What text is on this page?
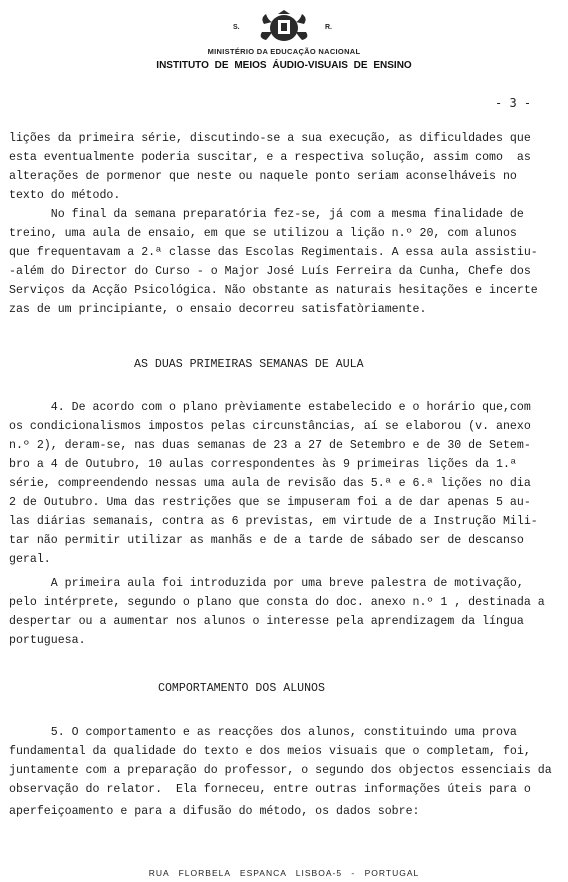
S.	R.
MINISTÉRIO DA EDUCAÇÃO NACIONAL
INSTITUTO DE MEIOS ÁUDIO-VISUAIS DE ENSINO
- 3 -
lições da primeira série, discutindo-se a sua execução, as dificuldades que
esta eventualmente poderia suscitar, e a respectiva solução, assim como  as
alterações de pormenor que neste ou naquele ponto seriam aconselháveis no
texto do método.
No final da semana preparatória fez-se, já com a mesma finalidade de
treino, uma aula de ensaio, em que se utilizou a lição n.º 20, com alunos
que frequentavam a 2.ª classe das Escolas Regimentais. A essa aula assistiu-
-além do Director do Curso - o Major José Luís Ferreira da Cunha, Chefe dos
Serviços da Acção Psicológica. Não obstante as naturais hesitações e incerte
zas de um principiante, o ensaio decorreu satisfatòriamente.
AS DUAS PRIMEIRAS SEMANAS DE AULA
4. De acordo com o plano prèviamente estabelecido e o horário que,com
os condicionalismos impostos pelas circunstâncias, aí se elaborou (v. anexo
n.º 2), deram-se, nas duas semanas de 23 a 27 de Setembro e de 30 de Setem-
bro a 4 de Outubro, 10 aulas correspondentes às 9 primeiras lições da 1.ª
série, compreendendo nessas uma aula de revisão das 5.ª e 6.ª lições no dia
2 de Outubro. Uma das restrições que se impuseram foi a de dar apenas 5 au-
las diárias semanais, contra as 6 previstas, em virtude de a Instrução Mili-
tar não permitir utilizar as manhãs e de a tarde de sábado ser de descanso
geral.
A primeira aula foi introduzida por uma breve palestra de motivação,
pelo intérprete, segundo o plano que consta do doc. anexo n.º 1 , destinada a
despertar ou a aumentar nos alunos o interesse pela aprendizagem da língua
portuguesa.
COMPORTAMENTO DOS ALUNOS
5. O comportamento e as reacções dos alunos, constituindo uma prova
fundamental da qualidade do texto e dos meios visuais que o completam, foi,
juntamente com a preparação do professor, o segundo dos objectos essenciais da
observação do relator.  Ela forneceu, entre outras informações úteis para o
aperfeiçoamento e para a difusão do método, os dados sobre:
RUA FLORBELA ESPANCA LISBOA-5 - PORTUGAL
